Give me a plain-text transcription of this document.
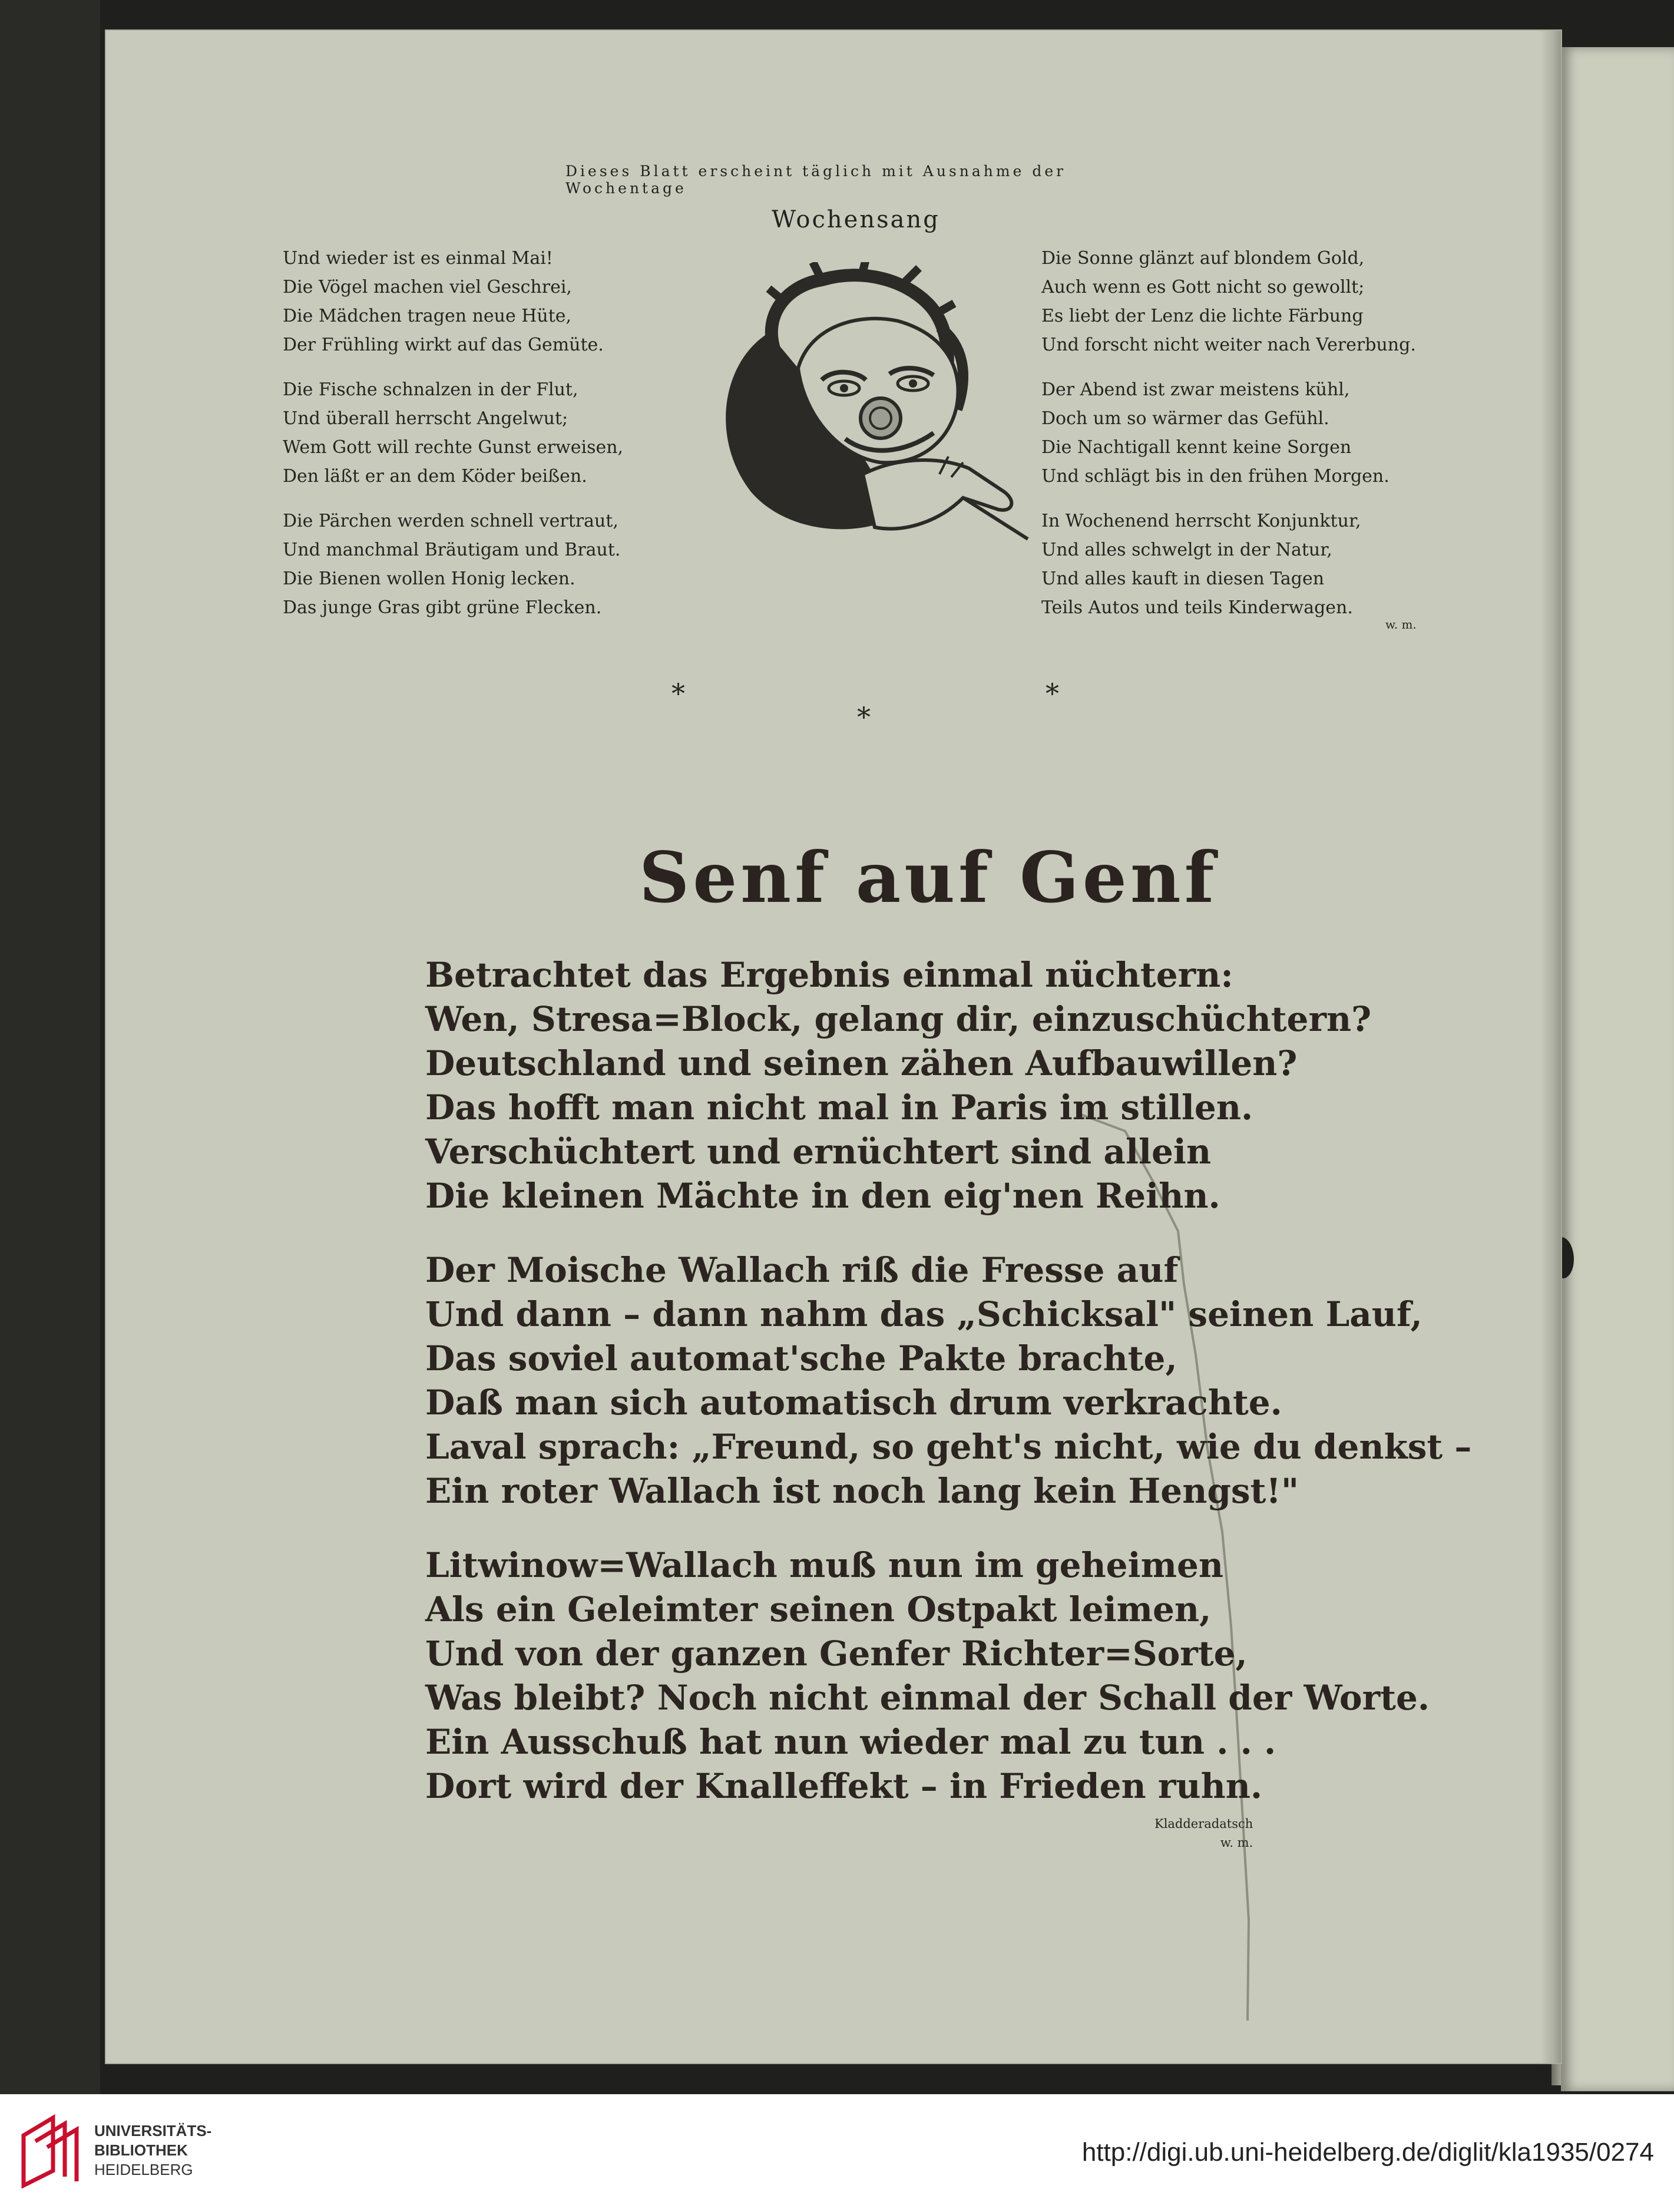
Dieses Blatt erscheint täglich mit Ausnahme der Wochentage
Wochensang
Und wieder ist es einmal Mai!
Die Vögel machen viel Geschrei,
Die Mädchen tragen neue Hüte,
Der Frühling wirkt auf das Gemüte.
Die Fische schnalzen in der Flut,
Und überall herrscht Angelwut;
Wem Gott will rechte Gunst erweisen,
Den läßt er an dem Köder beißen.
Die Pärchen werden schnell vertraut,
Und manchmal Bräutigam und Braut.
Die Bienen wollen Honig lecken.
Das junge Gras gibt grüne Flecken.
Die Sonne glänzt auf blondem Gold,
Auch wenn es Gott nicht so gewollt;
Es liebt der Lenz die lichte Färbung
Und forscht nicht weiter nach Vererbung.
Der Abend ist zwar meistens kühl,
Doch um so wärmer das Gefühl.
Die Nachtigall kennt keine Sorgen
Und schlägt bis in den frühen Morgen.
In Wochenend herrscht Konjunktur,
Und alles schwelgt in der Natur,
Und alles kauft in diesen Tagen
Teils Autos und teils Kinderwagen.
w. m.
*
*
*
Senf auf Genf
Betrachtet das Ergebnis einmal nüchtern:
Wen, Stresa=Block, gelang dir, einzuschüchtern?
Deutschland und seinen zähen Aufbauwillen?
Das hofft man nicht mal in Paris im stillen.
Verschüchtert und ernüchtert sind allein
Die kleinen Mächte in den eig'nen Reihn.
Der Moische Wallach riß die Fresse auf
Und dann – dann nahm das „Schicksal" seinen Lauf,
Das soviel automat'sche Pakte brachte,
Daß man sich automatisch drum verkrachte.
Laval sprach: „Freund, so geht's nicht, wie du denkst –
Ein roter Wallach ist noch lang kein Hengst!"
Litwinow=Wallach muß nun im geheimen
Als ein Geleimter seinen Ostpakt leimen,
Und von der ganzen Genfer Richter=Sorte,
Was bleibt? Noch nicht einmal der Schall der Worte.
Ein Ausschuß hat nun wieder mal zu tun . . .
Dort wird der Knalleffekt – in Frieden ruhn.
Kladderadatsch
w. m.
UNIVERSITÄTS-
BIBLIOTHEK
HEIDELBERG
http://digi.ub.uni-heidelberg.de/diglit/kla1935/0274
